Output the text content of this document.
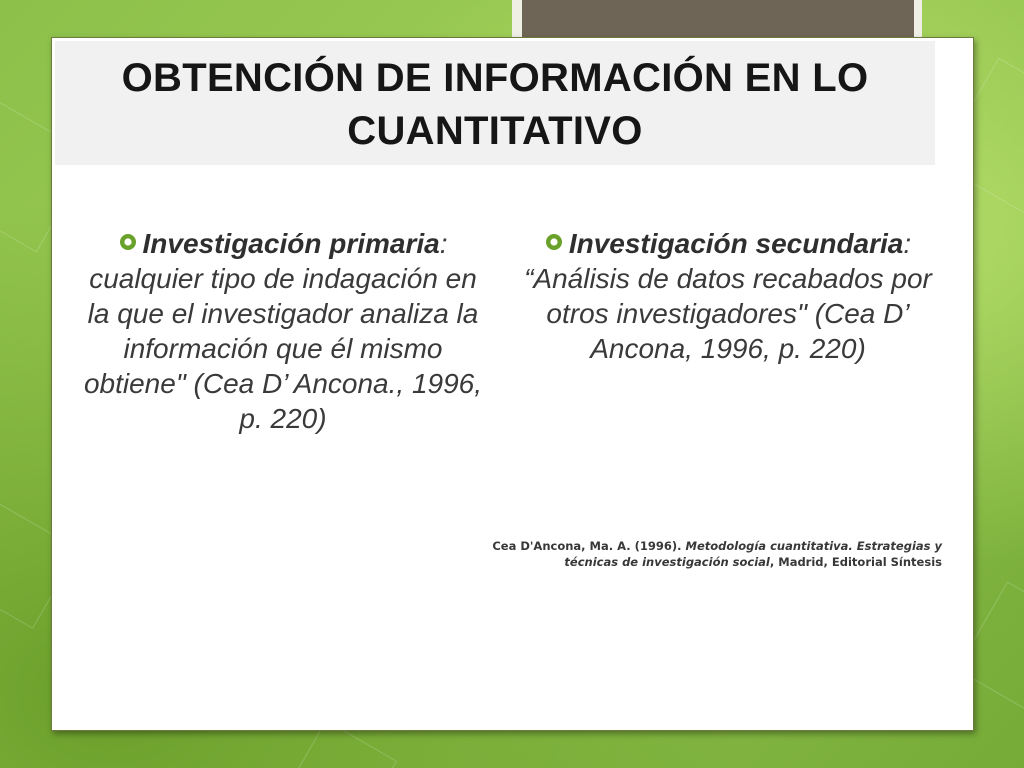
OBTENCIÓN DE INFORMACIÓN EN LO
CUANTITATIVO
Investigación primaria: cualquier tipo de indagación en la que el investigador analiza la información que él mismo obtiene" (Cea D’ Ancona., 1996, p. 220)
Investigación secundaria: “Análisis de datos recabados por otros investigadores" (Cea D’ Ancona, 1996, p. 220)
Cea D'Ancona, Ma. A. (1996). Metodología cuantitativa. Estrategias y técnicas de investigación social, Madrid, Editorial Síntesis
